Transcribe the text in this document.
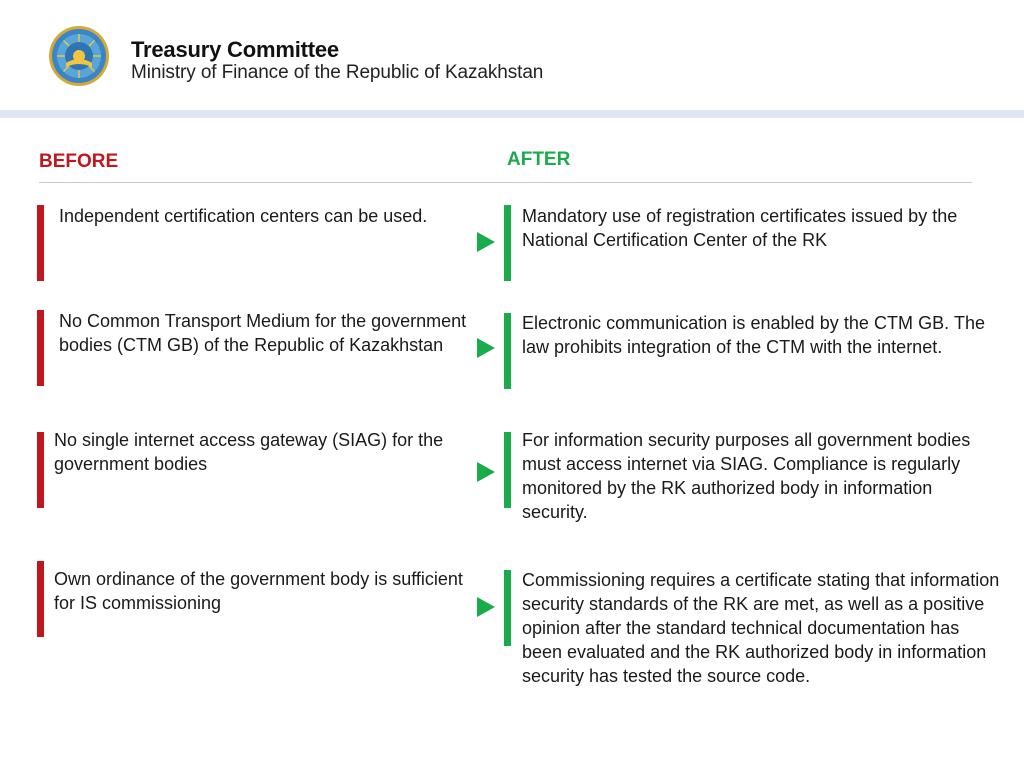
Treasury Committee
Ministry of Finance of the Republic of Kazakhstan
BEFORE	AFTER
Independent certification centers can be used.	Mandatory use of registration certificates issued by the National Certification Center of the RK
No Common Transport Medium for the government bodies (CTM GB) of the Republic of Kazakhstan
Electronic communication is enabled by the CTM GB. The law prohibits integration of the CTM with the internet.
No single internet access gateway (SIAG) for the government bodies
For information security purposes all government bodies must access internet via SIAG. Compliance is regularly monitored by the RK authorized body in information security.
Own ordinance of the government body is sufficient for IS commissioning
Commissioning requires a certificate stating that information security standards of the RK are met, as well as a positive opinion after the standard technical documentation has been evaluated and the RK authorized body in information security has tested the source code.
